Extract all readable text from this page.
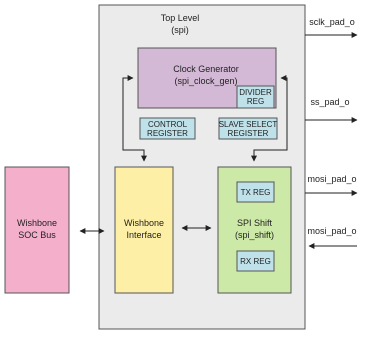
Top Level
(spi)
Clock Generator
(spi_clock_gen)
DIVIDER
REG
CONTROL
REGISTER
SLAVE SELECT
REGISTER
Wishbone
SOC Bus
Wishbone
Interface
SPI Shift
(spi_shift)
TX REG
RX REG
sclk_pad_o
ss_pad_o
mosi_pad_o
mosi_pad_o
